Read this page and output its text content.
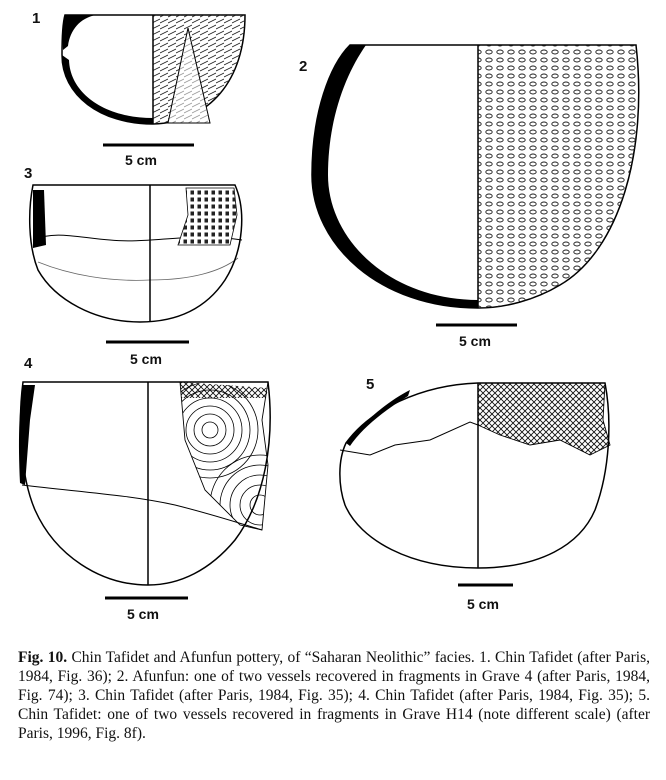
1
2
3
4
5
5 cm
5 cm
5 cm
5 cm
5 cm
Fig. 10. Chin Tafidet and Afunfun pottery, of “Saharan Neolithic” facies. 1. Chin Tafidet (after Paris, 1984, Fig. 36); 2. Afunfun: one of two vessels recovered in fragments in Grave 4 (after Paris, 1984, Fig. 74); 3. Chin Tafidet (after Paris, 1984, Fig. 35); 4. Chin Tafidet (after Paris, 1984, Fig. 35); 5. Chin Tafidet: one of two vessels recovered in fragments in Grave H14 (note different scale) (after Paris, 1996, Fig. 8f).
